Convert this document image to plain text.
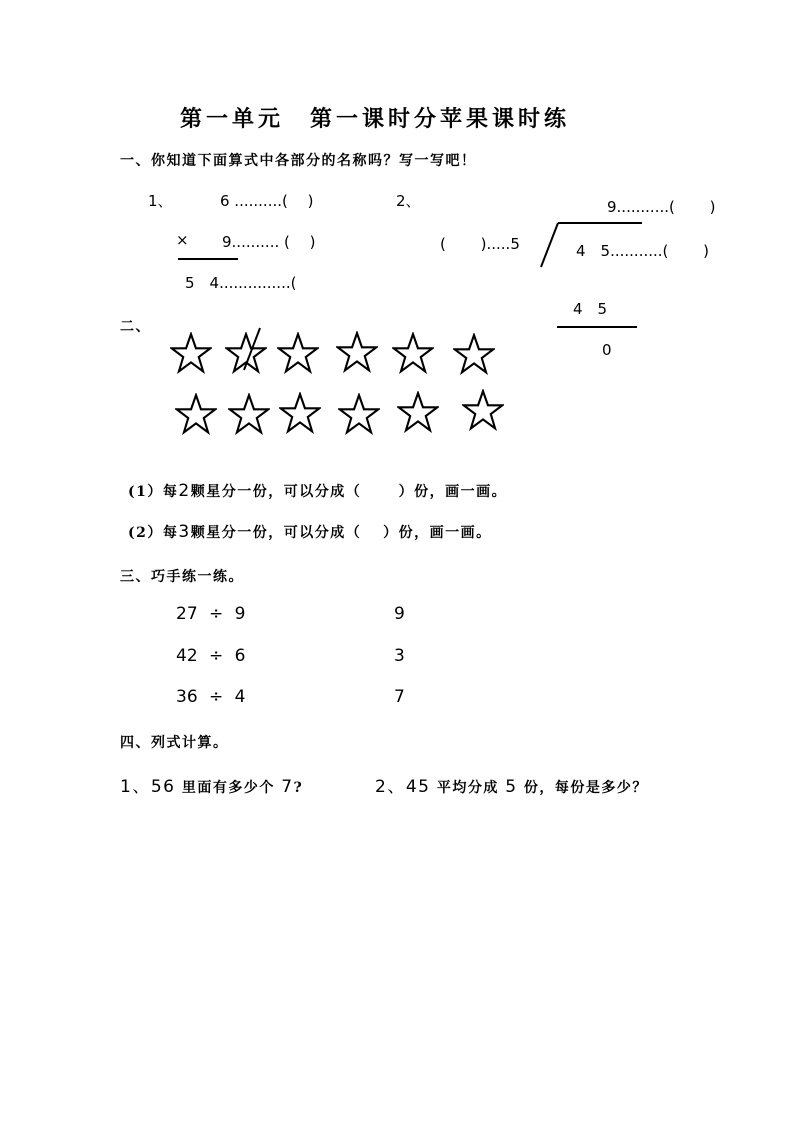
第一单元　第一课时分苹果课时练
一、你知道下面算式中各部分的名称吗？写一写吧！
1、	6 ..........(　 )
× 9.......... (　 )
5　4...............(
2、	9...........(　　 )
(　　 ).....5	4　5...........(　　 )
4　5
0
二、
(1）每2颗星分一份，可以分成（　　 ）份，画一画。
(2）每3颗星分一份，可以分成（　 ）份，画一画。
三、巧手练一练。
27 ÷ 9	9
42 ÷ 6	3
36 ÷ 4	7
四、列式计算。
1、56 里面有多少个 7?	2、45 平均分成 5 份，每份是多少？
